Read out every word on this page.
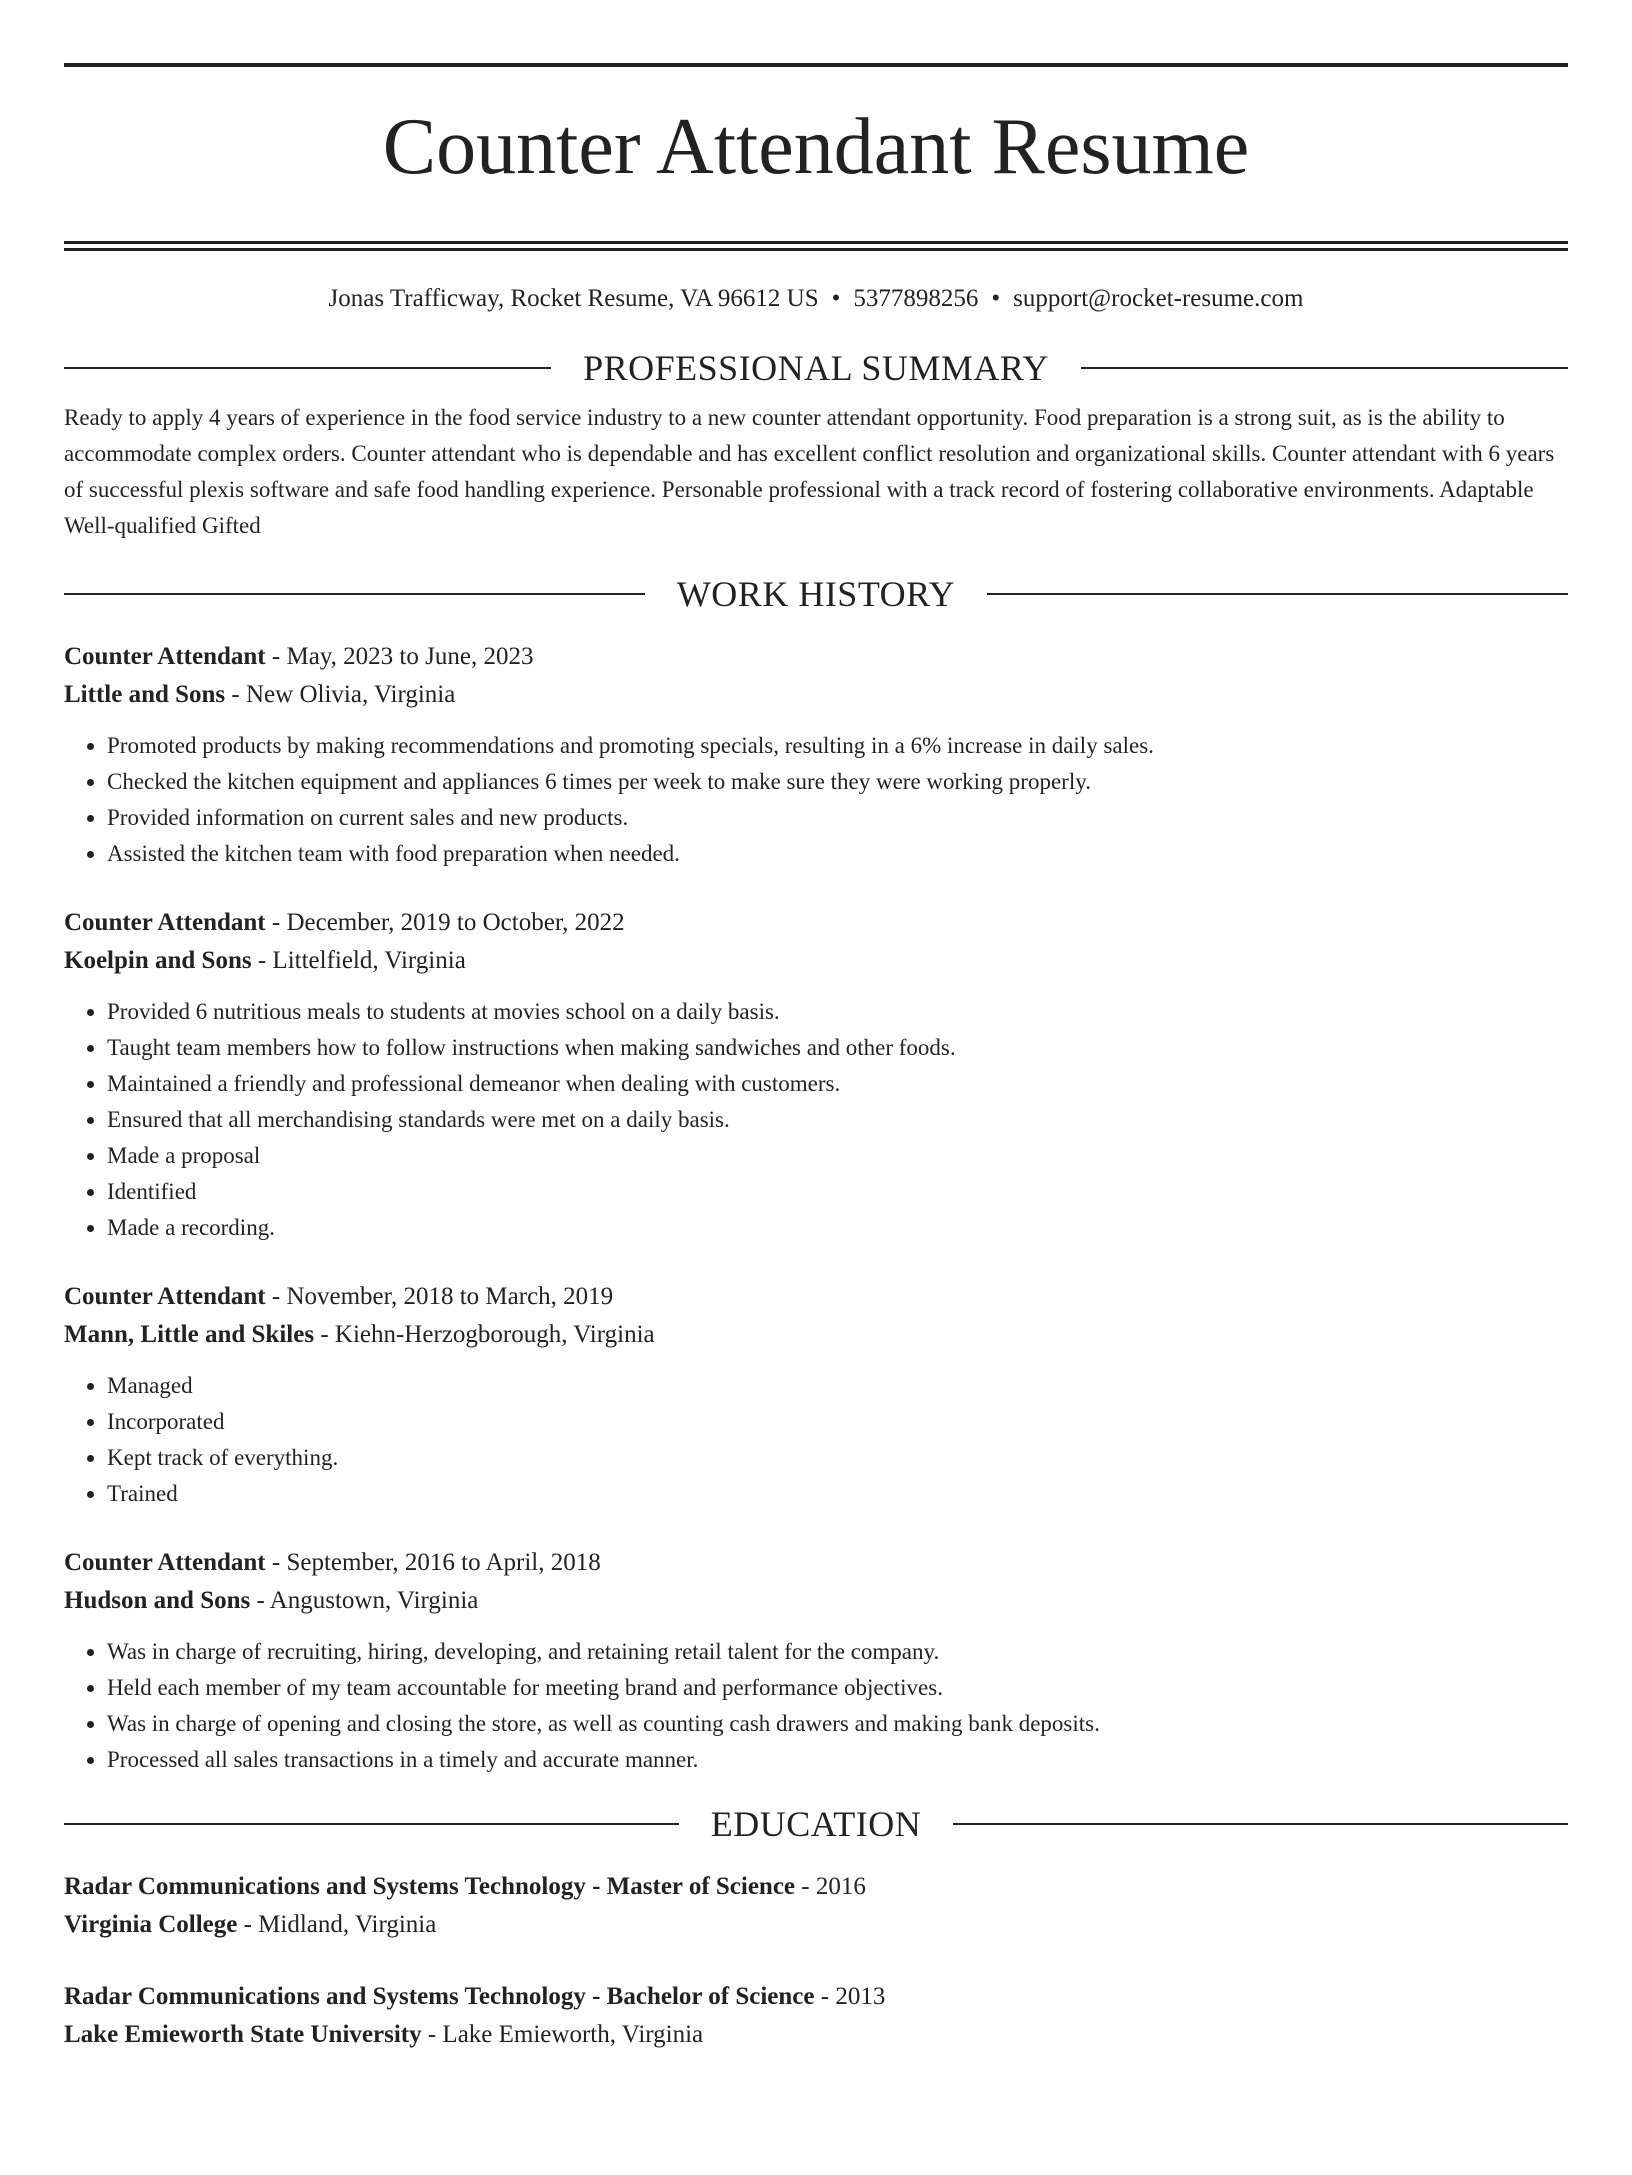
Counter Attendant Resume
Jonas Trafficway, Rocket Resume, VA 96612 US • 5377898256 • support@rocket-resume.com
PROFESSIONAL SUMMARY
Ready to apply 4 years of experience in the food service industry to a new counter attendant opportunity. Food preparation is a strong suit, as is the ability to accommodate complex orders. Counter attendant who is dependable and has excellent conflict resolution and organizational skills. Counter attendant with 6 years of successful plexis software and safe food handling experience. Personable professional with a track record of fostering collaborative environments. Adaptable Well-qualified Gifted
WORK HISTORY
Counter Attendant - May, 2023 to June, 2023
Little and Sons - New Olivia, Virginia
• Promoted products by making recommendations and promoting specials, resulting in a 6% increase in daily sales.
• Checked the kitchen equipment and appliances 6 times per week to make sure they were working properly.
• Provided information on current sales and new products.
• Assisted the kitchen team with food preparation when needed.
Counter Attendant - December, 2019 to October, 2022
Koelpin and Sons - Littelfield, Virginia
• Provided 6 nutritious meals to students at movies school on a daily basis.
• Taught team members how to follow instructions when making sandwiches and other foods.
• Maintained a friendly and professional demeanor when dealing with customers.
• Ensured that all merchandising standards were met on a daily basis.
• Made a proposal
• Identified
• Made a recording.
Counter Attendant - November, 2018 to March, 2019
Mann, Little and Skiles - Kiehn-Herzogborough, Virginia
• Managed
• Incorporated
• Kept track of everything.
• Trained
Counter Attendant - September, 2016 to April, 2018
Hudson and Sons - Angustown, Virginia
• Was in charge of recruiting, hiring, developing, and retaining retail talent for the company.
• Held each member of my team accountable for meeting brand and performance objectives.
• Was in charge of opening and closing the store, as well as counting cash drawers and making bank deposits.
• Processed all sales transactions in a timely and accurate manner.
EDUCATION
Radar Communications and Systems Technology - Master of Science - 2016
Virginia College - Midland, Virginia
Radar Communications and Systems Technology - Bachelor of Science - 2013
Lake Emieworth State University - Lake Emieworth, Virginia
